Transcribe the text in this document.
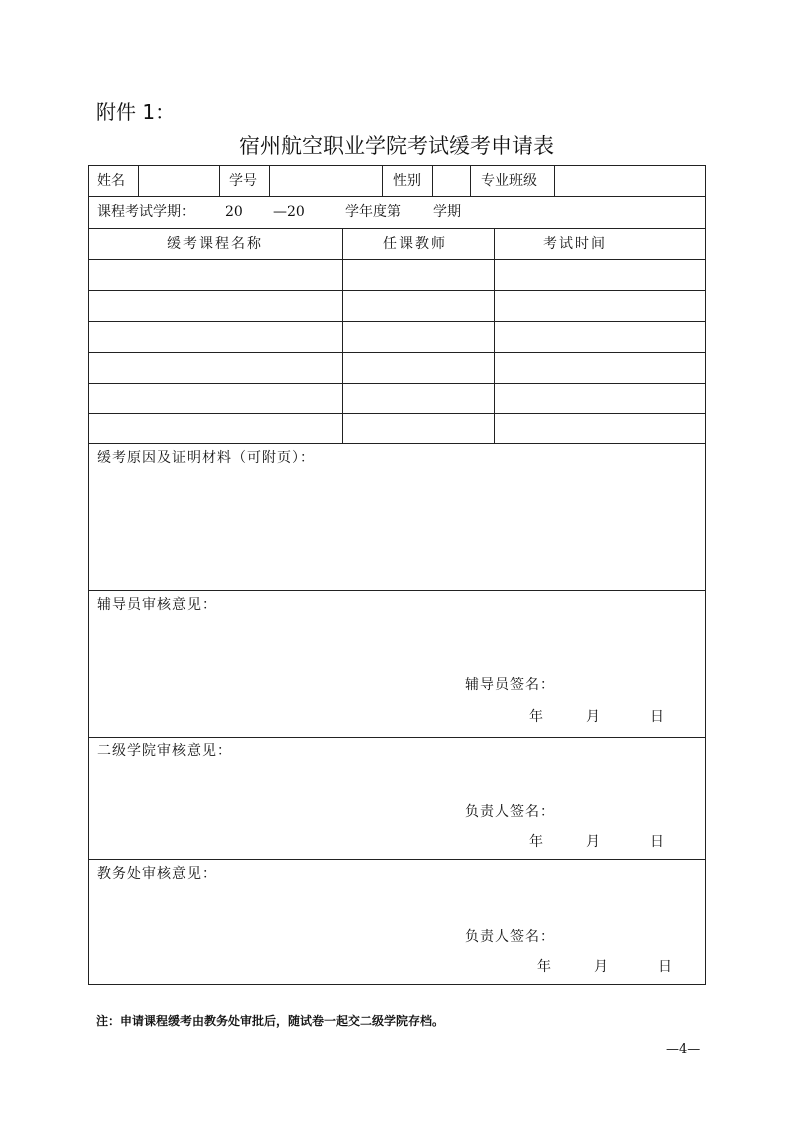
附件 1：
宿州航空职业学院考试缓考申请表
姓名	学号	性别	专业班级
课程考试学期： 20 —20	学年度第 学期
缓考课程名称	任课教师	考试时间
缓考原因及证明材料（可附页）：
辅导员审核意见：
辅导员签名：
年	月	日
二级学院审核意见：
负责人签名：
年	月	日
教务处审核意见：
负责人签名：
年	月	日
注：申请课程缓考由教务处审批后，随试卷一起交二级学院存档。
—4—
